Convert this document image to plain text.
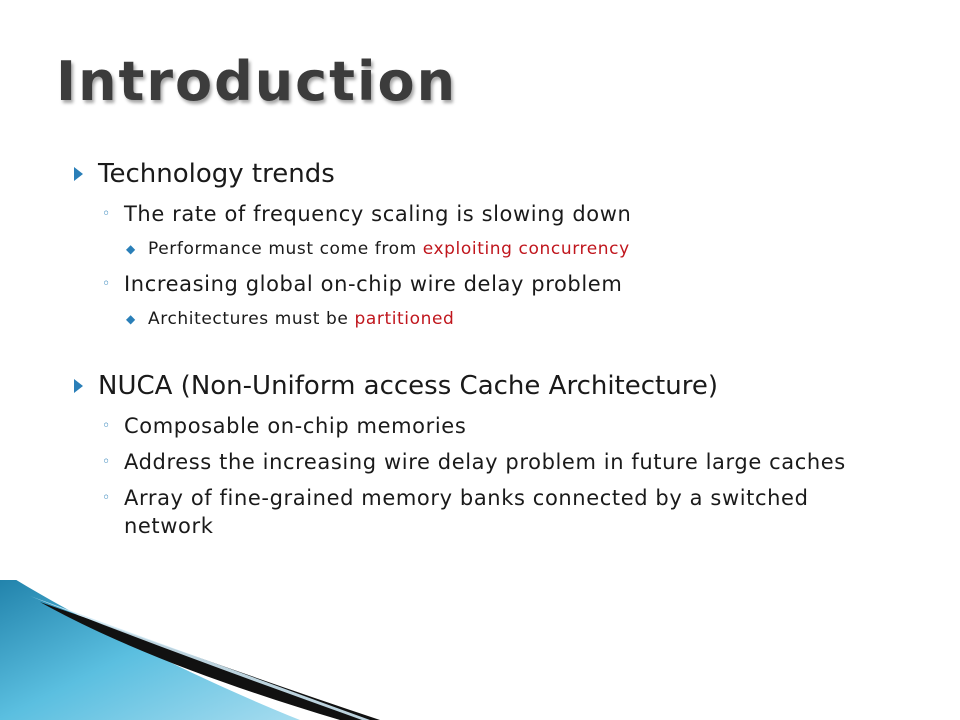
Introduction
Technology trends
◦ The rate of frequency scaling is slowing down
◆ Performance must come from exploiting concurrency
◦ Increasing global on-chip wire delay problem
◆ Architectures must be partitioned
NUCA (Non-Uniform access Cache Architecture)
◦ Composable on-chip memories
◦ Address the increasing wire delay problem in future large caches
◦ Array of fine-grained memory banks connected by a switched network
